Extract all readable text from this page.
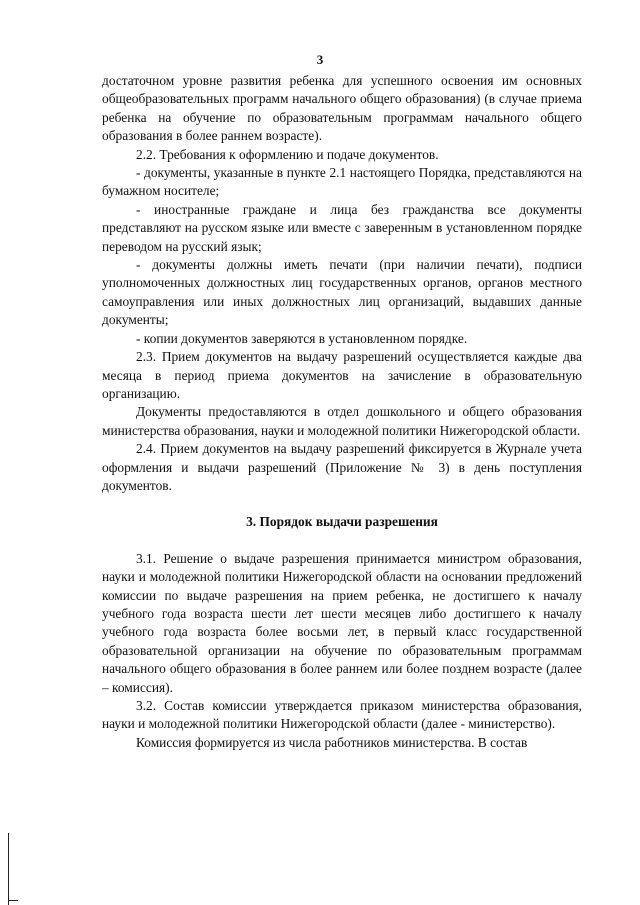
3

достаточном уровне развития ребенка для успешного освоения им основных общеобразовательных программ начального общего образования) (в случае приема ребенка на обучение по образовательным программам начального общего образования в более раннем возрасте).

2.2. Требования к оформлению и подаче документов.

- документы, указанные в пункте 2.1 настоящего Порядка, представляются на бумажном носителе;

- иностранные граждане и лица без гражданства все документы представляют на русском языке или вместе с заверенным в установленном порядке переводом на русский язык;

- документы должны иметь печати (при наличии печати), подписи уполномоченных должностных лиц государственных органов, органов местного самоуправления или иных должностных лиц организаций, выдавших данные документы;

- копии документов заверяются в установленном порядке.

2.3. Прием документов на выдачу разрешений осуществляется каждые два месяца в период приема документов на зачисление в образовательную организацию.

Документы предоставляются в отдел дошкольного и общего образования министерства образования, науки и молодежной политики Нижегородской области.

2.4. Прием документов на выдачу разрешений фиксируется в Журнале учета оформления и выдачи разрешений (Приложение № 3) в день поступления документов.

3. Порядок выдачи разрешения

3.1. Решение о выдаче разрешения принимается министром образования, науки и молодежной политики Нижегородской области на основании предложений комиссии по выдаче разрешения на прием ребенка, не достигшего к началу учебного года возраста шести лет шести месяцев либо достигшего к началу учебного года возраста более восьми лет, в первый класс государственной образовательной организации на обучение по образовательным программам начального общего образования в более раннем или более позднем возрасте (далее – комиссия).

3.2. Состав комиссии утверждается приказом министерства образования, науки и молодежной политики Нижегородской области (далее - министерство).

Комиссия формируется из числа работников министерства. В состав
